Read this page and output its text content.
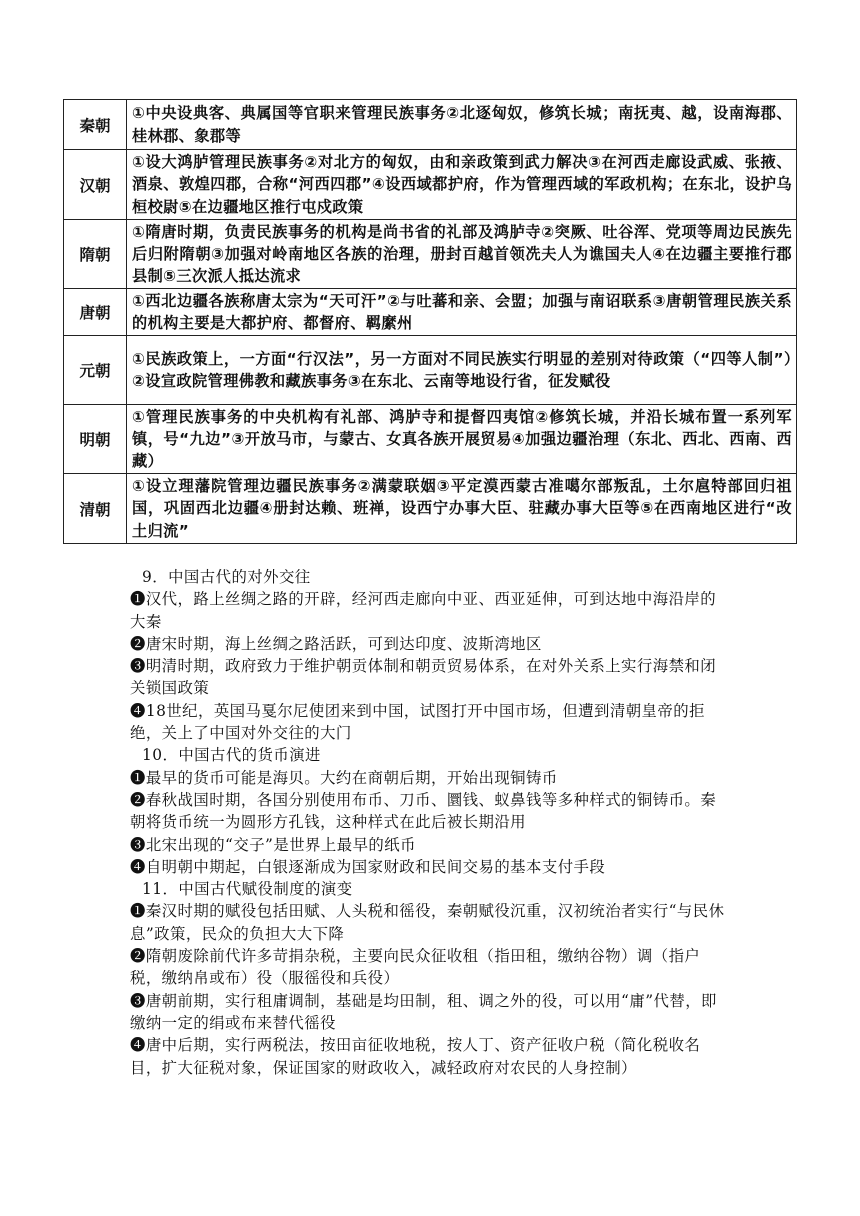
秦朝	①中央设典客、典属国等官职来管理民族事务②北逐匈奴，修筑长城；南抚夷、越，设南海郡、桂林郡、象郡等
汉朝	①设大鸿胪管理民族事务②对北方的匈奴，由和亲政策到武力解决③在河西走廊设武威、张掖、酒泉、敦煌四郡，合称“河西四郡”④设西域都护府，作为管理西域的军政机构；在东北，设护乌桓校尉⑤在边疆地区推行屯戍政策
隋朝	①隋唐时期，负责民族事务的机构是尚书省的礼部及鸿胪寺②突厥、吐谷浑、党项等周边民族先后归附隋朝③加强对岭南地区各族的治理，册封百越首领冼夫人为谯国夫人④在边疆主要推行郡县制⑤三次派人抵达流求
唐朝	①西北边疆各族称唐太宗为“天可汗”②与吐蕃和亲、会盟；加强与南诏联系③唐朝管理民族关系的机构主要是大都护府、都督府、羁縻州
元朝	①民族政策上，一方面“行汉法”，另一方面对不同民族实行明显的差别对待政策（“四等人制”）②设宣政院管理佛教和藏族事务③在东北、云南等地设行省，征发赋役
明朝	①管理民族事务的中央机构有礼部、鸿胪寺和提督四夷馆②修筑长城，并沿长城布置一系列军镇，号“九边”③开放马市，与蒙古、女真各族开展贸易④加强边疆治理（东北、西北、西南、西藏）
清朝	①设立理藩院管理边疆民族事务②满蒙联姻③平定漠西蒙古准噶尔部叛乱，土尔扈特部回归祖国，巩固西北边疆④册封达赖、班禅，设西宁办事大臣、驻藏办事大臣等⑤在西南地区进行“改土归流”

9．中国古代的对外交往

❶汉代，路上丝绸之路的开辟，经河西走廊向中亚、西亚延伸，可到达地中海沿岸的大秦

❷唐宋时期，海上丝绸之路活跃，可到达印度、波斯湾地区

❸明清时期，政府致力于维护朝贡体制和朝贡贸易体系，在对外关系上实行海禁和闭关锁国政策

❹18世纪，英国马戛尔尼使团来到中国，试图打开中国市场，但遭到清朝皇帝的拒绝，关上了中国对外交往的大门

10．中国古代的货币演进

❶最早的货币可能是海贝。大约在商朝后期，开始出现铜铸币

❷春秋战国时期，各国分别使用布币、刀币、圜钱、蚁鼻钱等多种样式的铜铸币。秦朝将货币统一为圆形方孔钱，这种样式在此后被长期沿用

❸北宋出现的“交子”是世界上最早的纸币

❹自明朝中期起，白银逐渐成为国家财政和民间交易的基本支付手段

11．中国古代赋役制度的演变

❶秦汉时期的赋役包括田赋、人头税和徭役，秦朝赋役沉重，汉初统治者实行“与民休息”政策，民众的负担大大下降

❷隋朝废除前代许多苛捐杂税，主要向民众征收租（指田租，缴纳谷物）调（指户税，缴纳帛或布）役（服徭役和兵役）

❸唐朝前期，实行租庸调制，基础是均田制，租、调之外的役，可以用“庸”代替，即缴纳一定的绢或布来替代徭役

❹唐中后期，实行两税法，按田亩征收地税，按人丁、资产征收户税（简化税收名目，扩大征税对象，保证国家的财政收入，减轻政府对农民的人身控制）
